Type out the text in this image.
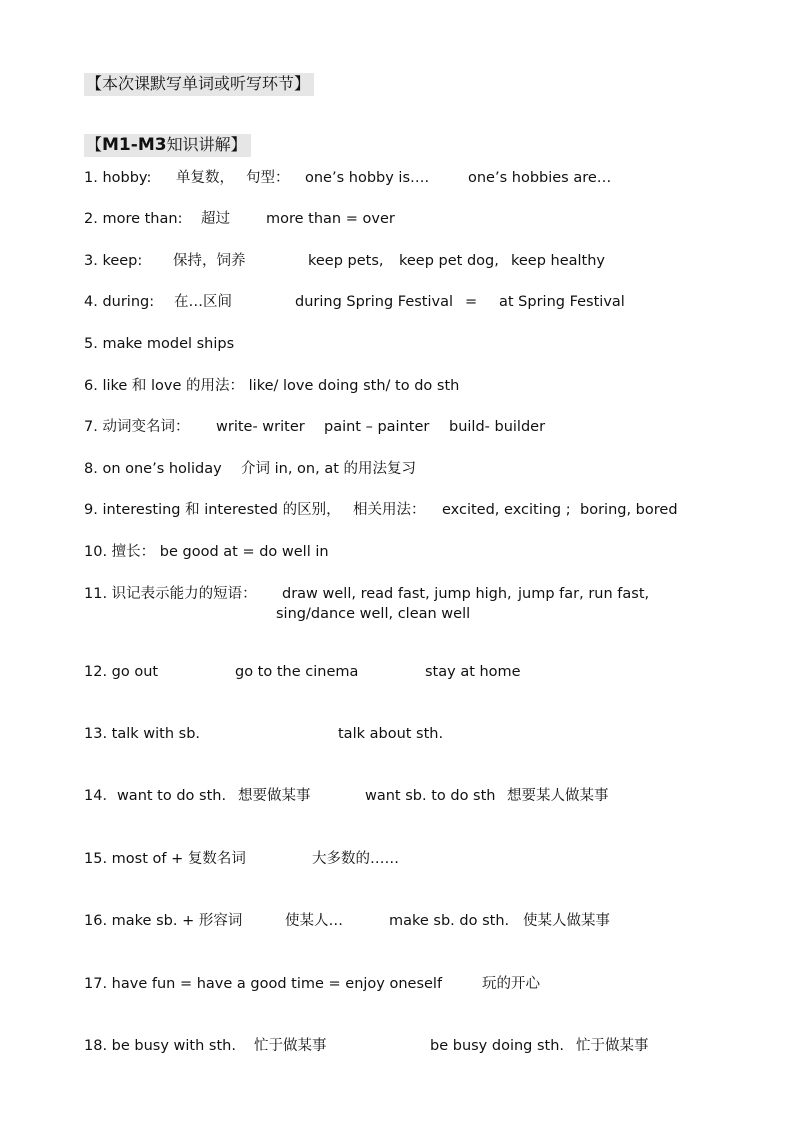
【本次课默写单词或听写环节】
【M1-M3知识讲解】
1. hobby: 单复数， 句型： one’s hobby is….	one’s hobbies are…
2. more than: 超过 more than = over
3. keep: 保持，饲养	keep pets, keep pet dog, keep healthy
4. during: 在…区间	during Spring Festival = at Spring Festival
5. make model ships
6. like 和 love 的用法： like/ love doing sth/ to do sth
7. 动词变名词： write- writer paint – painter build- builder
8. on one’s holiday 介词 in, on, at 的用法复习
9. interesting 和 interested 的区别， 相关用法： excited, exciting ; boring, bored
10. 擅长： be good at = do well in
11. 识记表示能力的短语： draw well, read fast, jump high, jump far, run fast,
sing/dance well, clean well
12. go out	go to the cinema	stay at home
13. talk with sb.	talk about sth.
14．want to do sth. 想要做某事	want sb. to do sth 想要某人做某事
15. most of + 复数名词	大多数的……
16. make sb. + 形容词	使某人…	make sb. do sth. 使某人做某事
17. have fun = have a good time = enjoy oneself	玩的开心
18. be busy with sth. 忙于做某事	be busy doing sth. 忙于做某事
